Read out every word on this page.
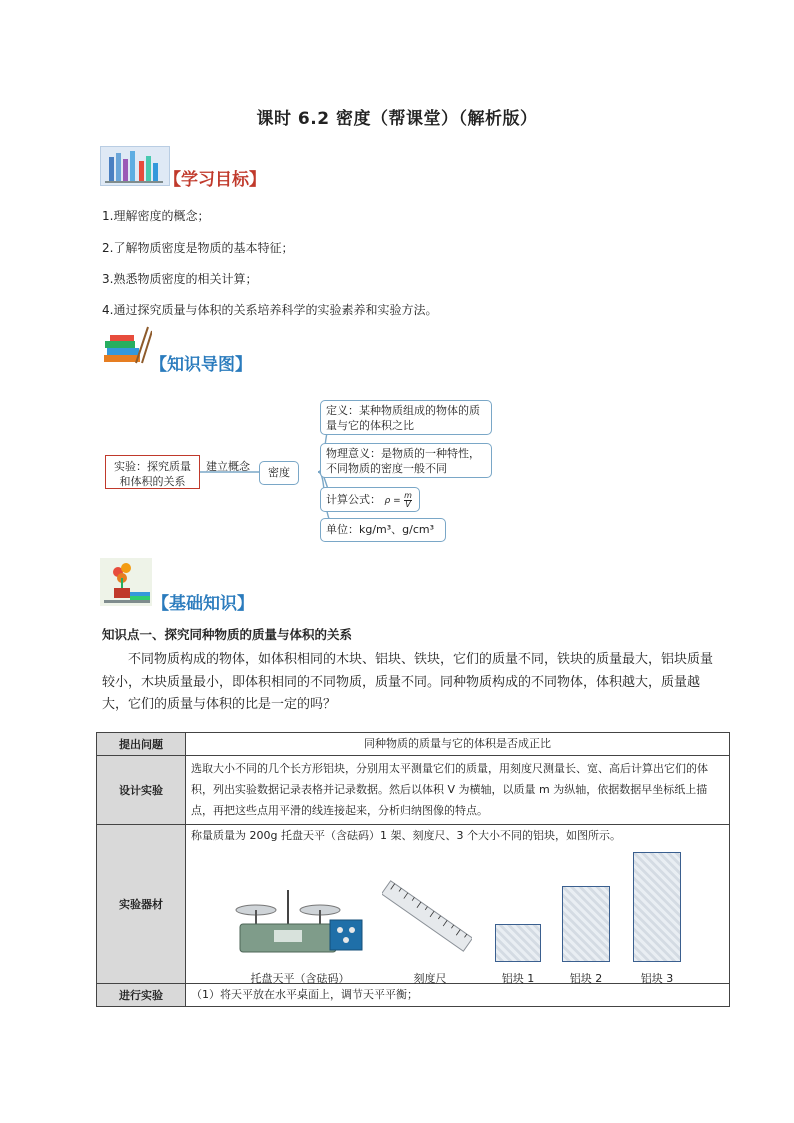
课时 6.2 密度（帮课堂）（解析版）
【学习目标】
1.理解密度的概念；
2.了解物质密度是物质的基本特征；
3.熟悉物质密度的相关计算；
4.通过探究质量与体积的关系培养科学的实验素养和实验方法。
【知识导图】
实验：探究质量和体积的关系
建立概念	密度
定义：某种物质组成的物体的质量与它的体积之比
物理意义：是物质的一种特性，不同物质的密度一般不同
计算公式： $\rho = \frac{m}{V}$
单位：kg/m³、g/cm³
【基础知识】
知识点一、探究同种物质的质量与体积的关系
不同物质构成的物体，如体积相同的木块、铝块、铁块，它们的质量不同，铁块的质量最大，铝块质量较小，木块质量最小，即体积相同的不同物质，质量不同。同种物质构成的不同物体，体积越大，质量越大，它们的质量与体积的比是一定的吗？
提出问题	同种物质的质量与它的体积是否成正比
设计实验	选取大小不同的几个长方形铝块，分别用太平测量它们的质量，用刻度尺测量长、宽、高后计算出它们的体积，列出实验数据记录表格并记录数据。然后以体积 V 为横轴，以质量 m 为纵轴，依据数据早坐标纸上描点，再把这些点用平滑的线连接起来，分析归纳图像的特点。
实验器材	称量质量为 200g 托盘天平（含砝码）1 架、刻度尺、3 个大小不同的铝块，如图所示。

进行实验	（1）将天平放在水平桌面上，调节天平平衡；
托盘天平（含砝码）	刻度尺	铝块 1	铝块 2	铝块 3
